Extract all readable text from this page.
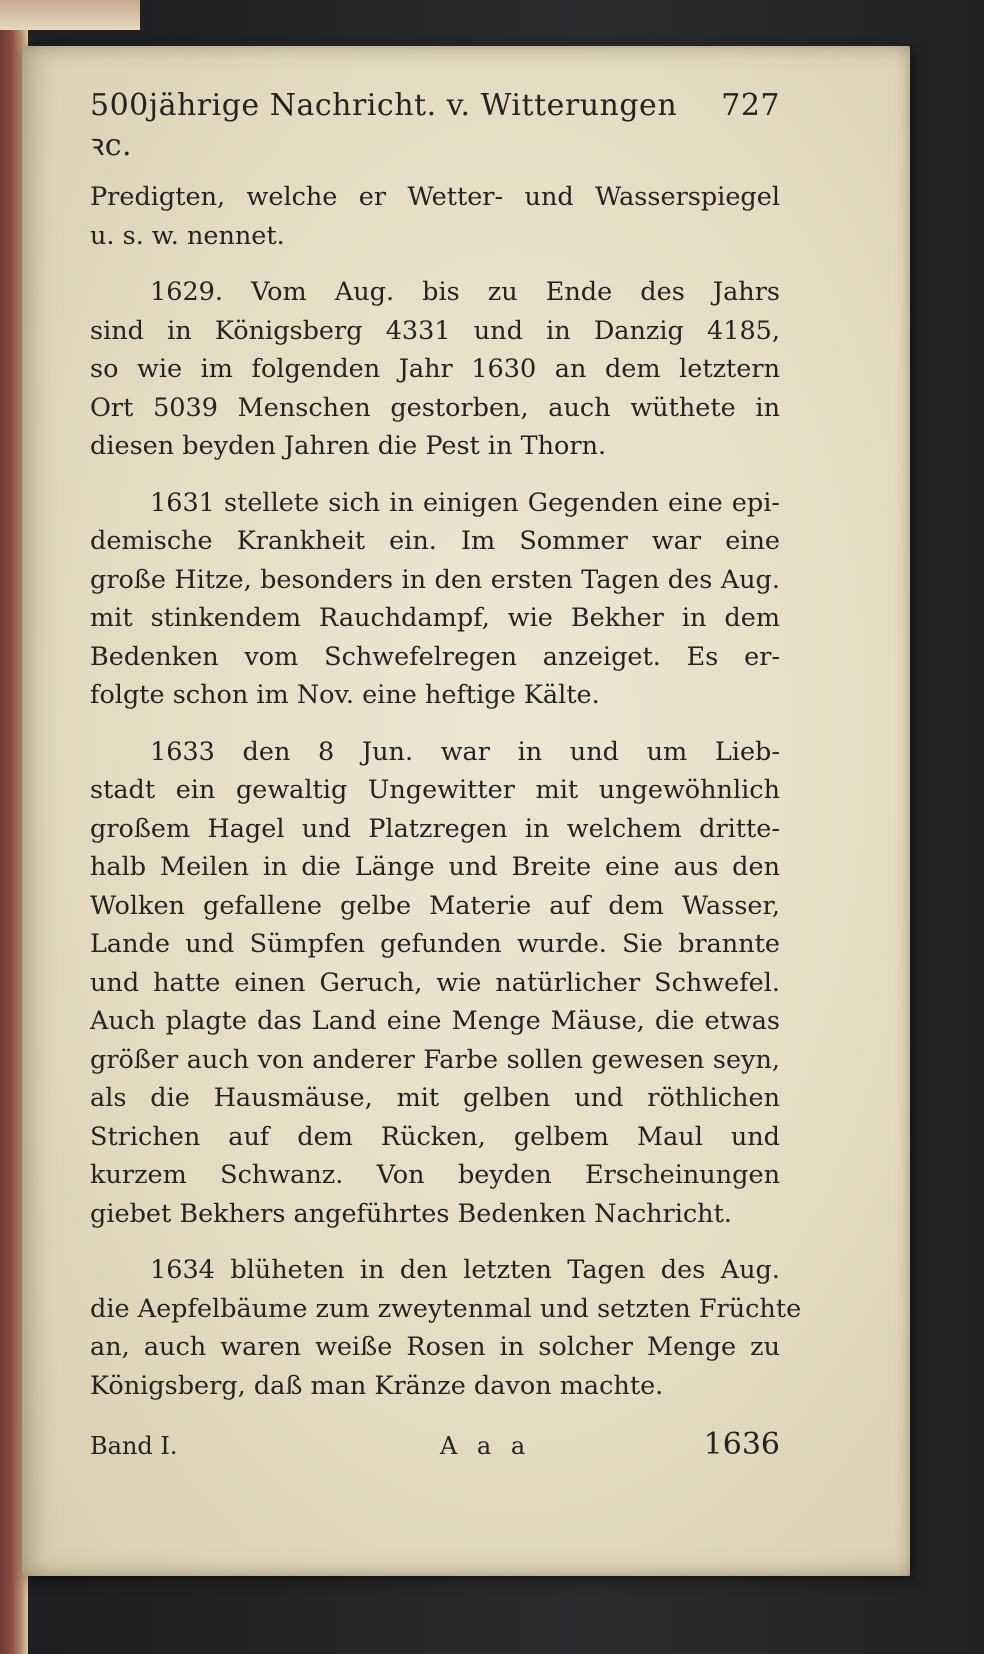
500jährige Nachricht. v. Witterungen ꝛc.
727

Predigten, welche er Wetter- und Wasserspiegel
u. s. w. nennet.

1629. Vom Aug. bis zu Ende des Jahrs
sind in Königsberg 4331 und in Danzig 4185,
so wie im folgenden Jahr 1630 an dem letztern
Ort 5039 Menschen gestorben, auch wüthete in
diesen beyden Jahren die Pest in Thorn.

1631 stellete sich in einigen Gegenden eine epi-
demische Krankheit ein. Im Sommer war eine
große Hitze, besonders in den ersten Tagen des Aug.
mit stinkendem Rauchdampf, wie Bekher in dem
Bedenken vom Schwefelregen anzeiget. Es er-
folgte schon im Nov. eine heftige Kälte.

1633 den 8 Jun. war in und um Lieb-
stadt ein gewaltig Ungewitter mit ungewöhnlich
großem Hagel und Platzregen in welchem dritte-
halb Meilen in die Länge und Breite eine aus den
Wolken gefallene gelbe Materie auf dem Wasser,
Lande und Sümpfen gefunden wurde. Sie brannte
und hatte einen Geruch, wie natürlicher Schwefel.
Auch plagte das Land eine Menge Mäuse, die etwas
größer auch von anderer Farbe sollen gewesen seyn,
als die Hausmäuse, mit gelben und röthlichen
Strichen auf dem Rücken, gelbem Maul und
kurzem Schwanz. Von beyden Erscheinungen
giebet Bekhers angeführtes Bedenken Nachricht.

1634 blüheten in den letzten Tagen des Aug.
die Aepfelbäume zum zweytenmal und setzten Früchte
an, auch waren weiße Rosen in solcher Menge zu
Königsberg, daß man Kränze davon machte.

Band I.	A a a	1636
